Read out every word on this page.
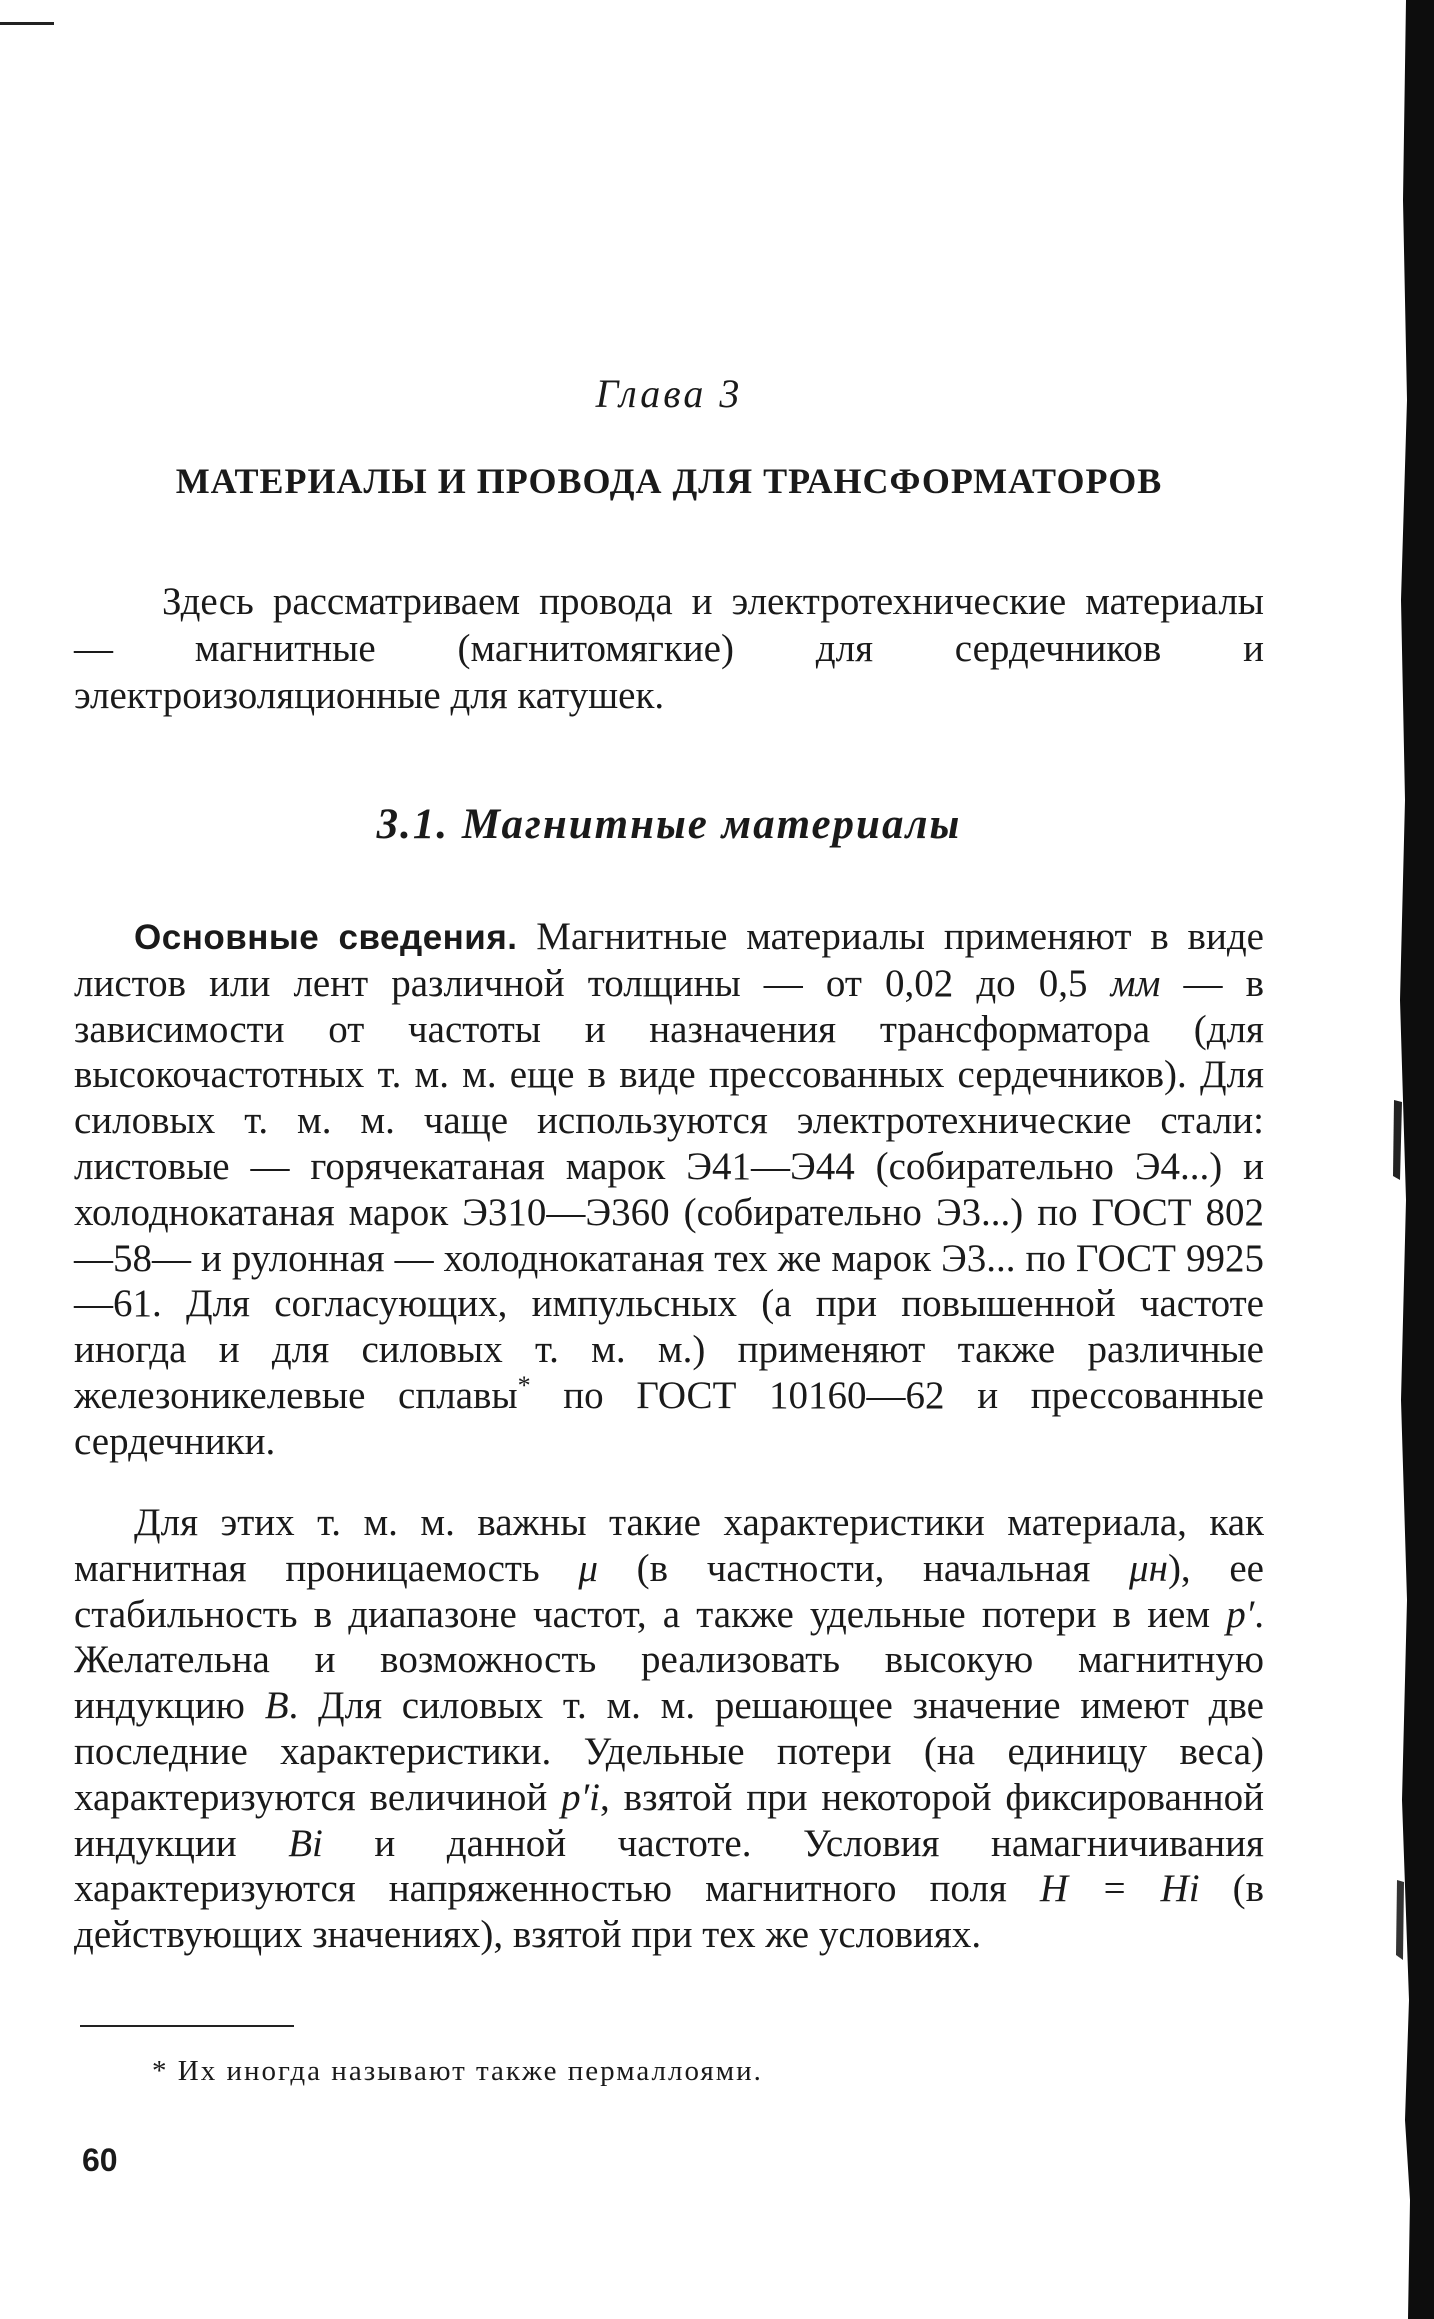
Глава 3
МАТЕРИАЛЫ И ПРОВОДА ДЛЯ ТРАНСФОРМАТОРОВ

Здесь рассматриваем провода и электротехнические материалы — магнитные (магнитомягкие) для сердечников и электроизоляционные для катушек.

3.1. Магнитные материалы

Основные сведения. Магнитные материалы применяют в виде листов или лент различной толщины — от 0,02 до 0,5 мм — в зависимости от частоты и назначения трансформатора (для высокочастотных т. м. м. еще в виде прессованных сердечников). Для силовых т. м. м. чаще используются электротехнические стали: листовые — горячекатаная марок Э41—Э44 (собирательно Э4...) и холоднокатаная марок Э310—Э360 (собирательно Э3...) по ГОСТ 802—58— и рулонная — холоднокатаная тех же марок Э3... по ГОСТ 9925—61. Для согласующих, импульсных (а при повышенной частоте иногда и для силовых т. м. м.) применяют также различные железоникелевые сплавы* по ГОСТ 10160—62 и прессованные сердечники.

Для этих т. м. м. важны такие характеристики материала, как магнитная проницаемость μ (в частности, начальная μн), ее стабильность в диапазоне частот, а также удельные потери в ием p′. Желательна и возможность реализовать высокую магнитную индукцию B. Для силовых т. м. м. решающее значение имеют две последние характеристики. Удельные потери (на единицу веса) характеризуются величиной p′i, взятой при некоторой фиксированной индукции Bi и данной частоте. Условия намагничивания характеризуются напряженностью магнитного поля H = Hi (в действующих значениях), взятой при тех же условиях.

* Их иногда называют также пермаллоями.
60
